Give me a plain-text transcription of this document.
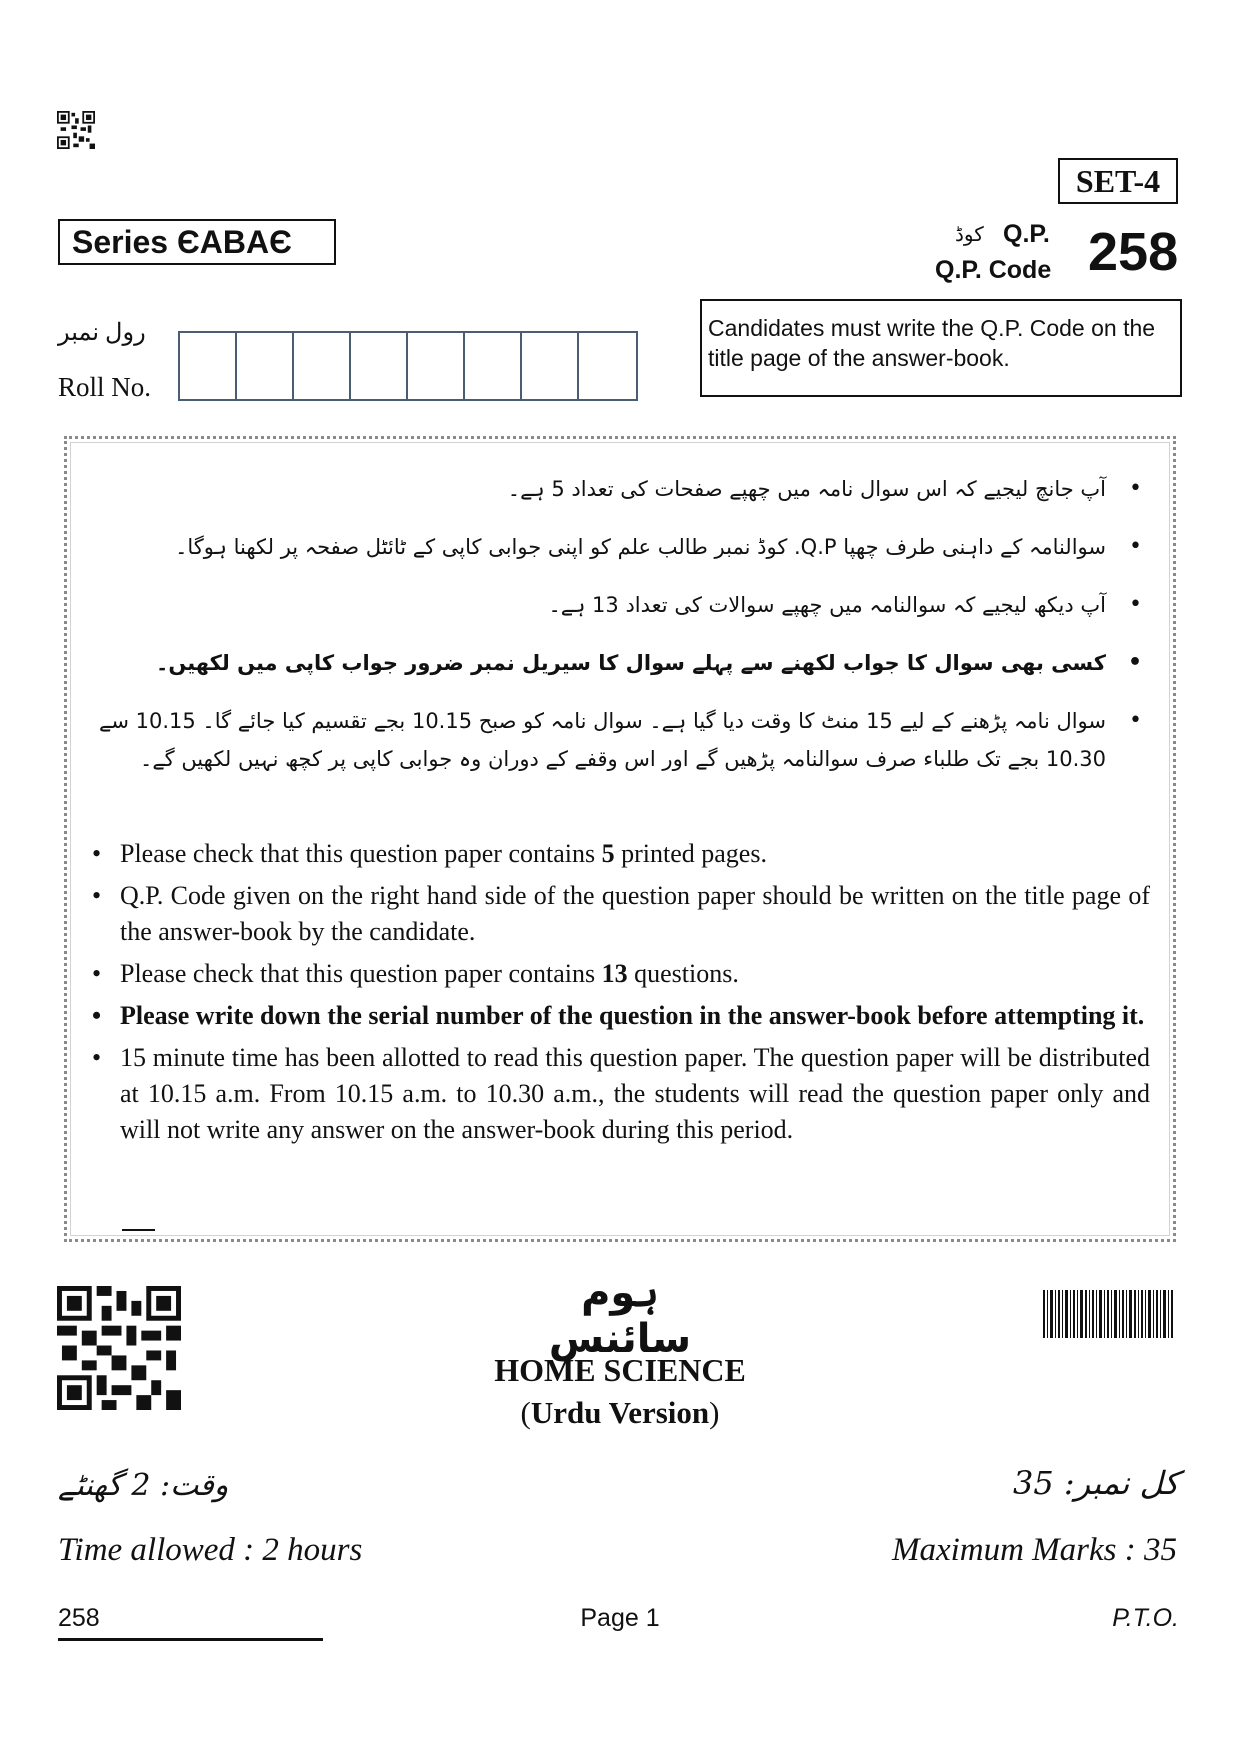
SET-4
Series ЄABAЄ	کوڈ Q.P.
Q.P. Code 258
رول نمبر
Roll No.
Candidates must write the Q.P. Code on the title page of the answer-book.
•
آپ جانچ لیجیے کہ اس سوال نامہ میں چھپے صفحات کی تعداد 5 ہے۔
•
سوالنامہ کے داہنی طرف چھپا Q.P. کوڈ نمبر طالب علم کو اپنی جوابی کاپی کے ٹائٹل صفحہ پر لکھنا ہوگا۔
•
آپ دیکھ لیجیے کہ سوالنامہ میں چھپے سوالات کی تعداد 13 ہے۔
•
کسی بھی سوال کا جواب لکھنے سے پہلے سوال کا سیریل نمبر ضرور جواب کاپی میں لکھیں۔
•
سوال نامہ پڑھنے کے لیے 15 منٹ کا وقت دیا گیا ہے۔ سوال نامہ کو صبح 10.15 بجے تقسیم کیا جائے گا۔ 10.15 سے 10.30 بجے تک طلباء صرف سوالنامہ پڑھیں گے اور اس وقفے کے دوران وہ جوابی کاپی پر کچھ نہیں لکھیں گے۔
• Please check that this question paper contains 5 printed pages.
• Q.P. Code given on the right hand side of the question paper should be written on the title page of the answer-book by the candidate.
• Please check that this question paper contains 13 questions.
• Please write down the serial number of the question in the answer-book before attempting it.
• 15 minute time has been allotted to read this question paper. The question paper will be distributed at 10.15 a.m. From 10.15 a.m. to 10.30 a.m., the students will read the question paper only and will not write any answer on the answer-book during this period.
ہوم سائنس
HOME SCIENCE
(Urdu Version)
وقت: 2 گھنٹے	کل نمبر: 35
Time allowed : 2 hours	Maximum Marks : 35
258	Page 1	P.T.O.
